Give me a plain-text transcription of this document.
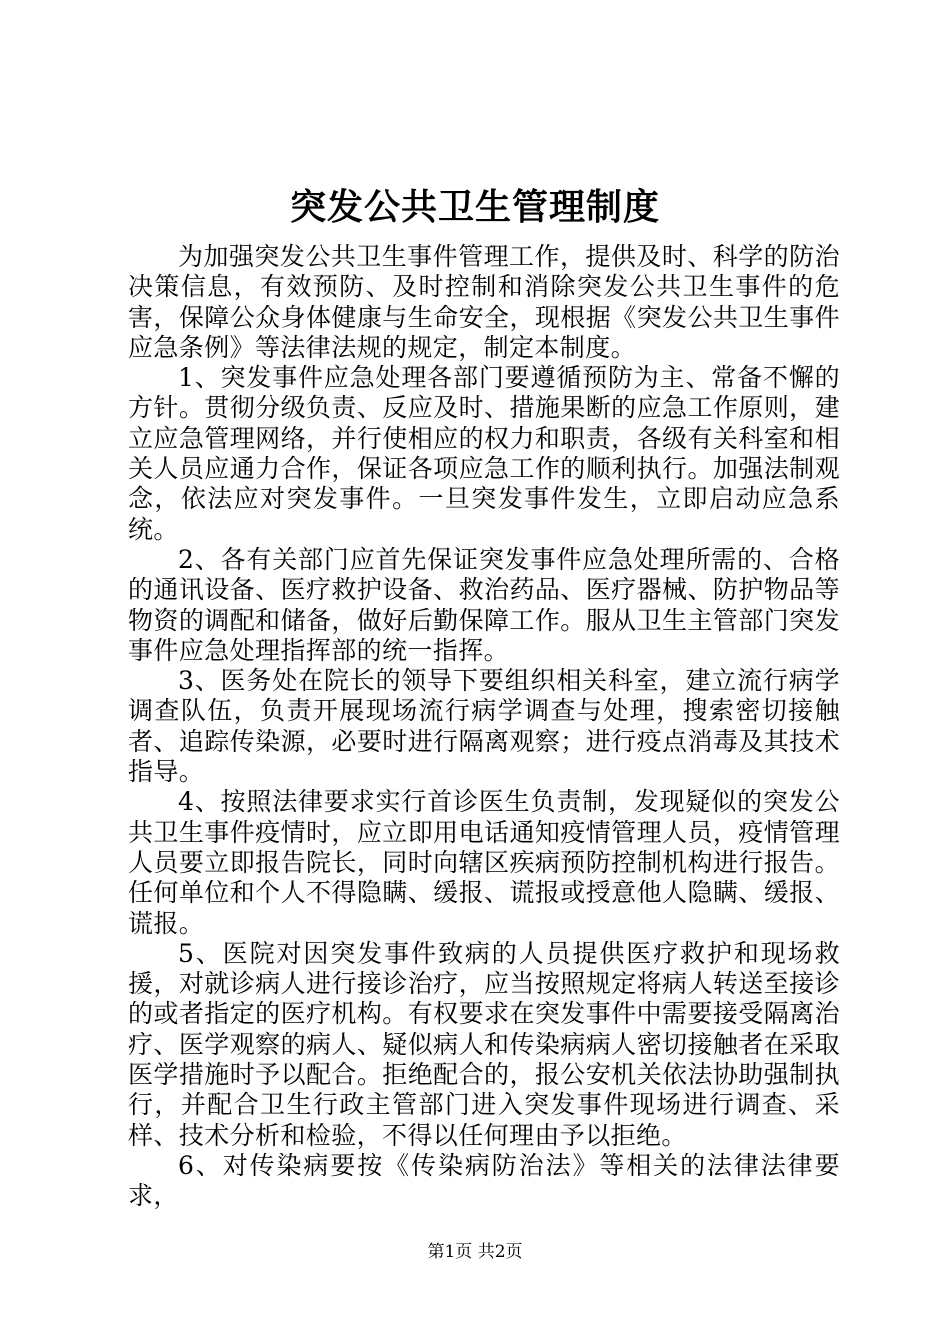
突发公共卫生管理制度

为加强突发公共卫生事件管理工作，提供及时、科学的防治决策信息，有效预防、及时控制和消除突发公共卫生事件的危害，保障公众身体健康与生命安全，现根据《突发公共卫生事件应急条例》等法律法规的规定，制定本制度。

1、突发事件应急处理各部门要遵循预防为主、常备不懈的方针。贯彻分级负责、反应及时、措施果断的应急工作原则，建立应急管理网络，并行使相应的权力和职责，各级有关科室和相关人员应通力合作，保证各项应急工作的顺利执行。加强法制观念，依法应对突发事件。一旦突发事件发生，立即启动应急系统。

2、各有关部门应首先保证突发事件应急处理所需的、合格的通讯设备、医疗救护设备、救治药品、医疗器械、防护物品等物资的调配和储备，做好后勤保障工作。服从卫生主管部门突发事件应急处理指挥部的统一指挥。

3、医务处在院长的领导下要组织相关科室，建立流行病学调查队伍，负责开展现场流行病学调查与处理，搜索密切接触者、追踪传染源，必要时进行隔离观察；进行疫点消毒及其技术指导。

4、按照法律要求实行首诊医生负责制，发现疑似的突发公共卫生事件疫情时，应立即用电话通知疫情管理人员，疫情管理人员要立即报告院长，同时向辖区疾病预防控制机构进行报告。任何单位和个人不得隐瞒、缓报、谎报或授意他人隐瞒、缓报、谎报。

5、医院对因突发事件致病的人员提供医疗救护和现场救援，对就诊病人进行接诊治疗，应当按照规定将病人转送至接诊的或者指定的医疗机构。有权要求在突发事件中需要接受隔离治疗、医学观察的病人、疑似病人和传染病病人密切接触者在采取医学措施时予以配合。拒绝配合的，报公安机关依法协助强制执行，并配合卫生行政主管部门进入突发事件现场进行调查、采样、技术分析和检验，不得以任何理由予以拒绝。

6、对传染病要按《传染病防治法》等相关的法律法律要求，

第1页 共2页
